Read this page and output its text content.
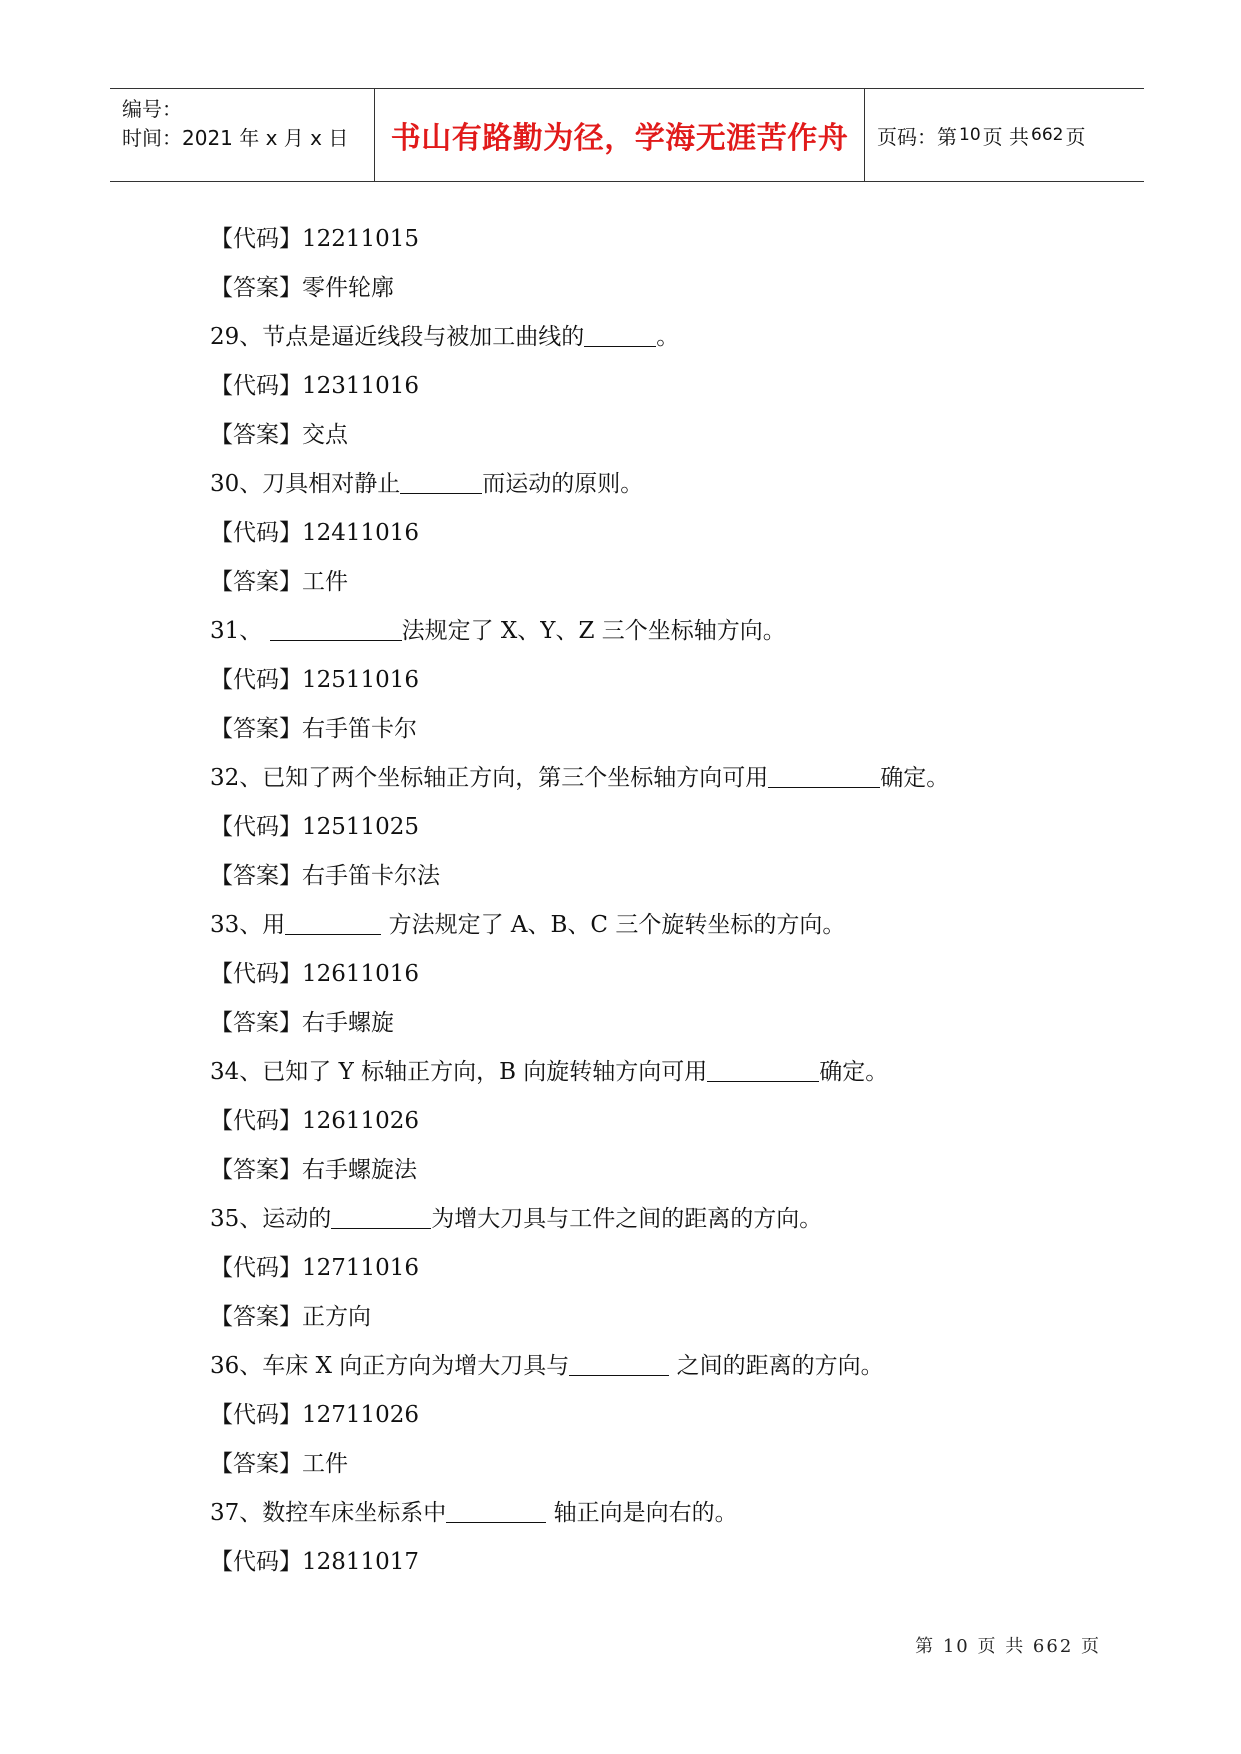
编号：
时间：2021 年 x 月 x 日	书山有路勤为径，学海无涯苦作舟 页码：第 10 页 共 662 页
【代码】12211015
【答案】零件轮廓
29、节点是逼近线段与被加工曲线的	。
【代码】12311016
【答案】交点
30、刀具相对静止	而运动的原则。
【代码】12411016
【答案】工件
31、	法规定了 X、Y、Z 三个坐标轴方向。
【代码】12511016
【答案】右手笛卡尔
32、已知了两个坐标轴正方向，第三个坐标轴方向可用	确定。
【代码】12511025
【答案】右手笛卡尔法
33、用	方法规定了 A、B、C 三个旋转坐标的方向。
【代码】12611016
【答案】右手螺旋
34、已知了 Y 标轴正方向，B 向旋转轴方向可用	确定。
【代码】12611026
【答案】右手螺旋法
35、运动的	为增大刀具与工件之间的距离的方向。
【代码】12711016
【答案】正方向
36、车床 X 向正方向为增大刀具与	之间的距离的方向。
【代码】12711026
【答案】工件
37、数控车床坐标系中	轴正向是向右的。
【代码】12811017
第 10 页 共 662 页
